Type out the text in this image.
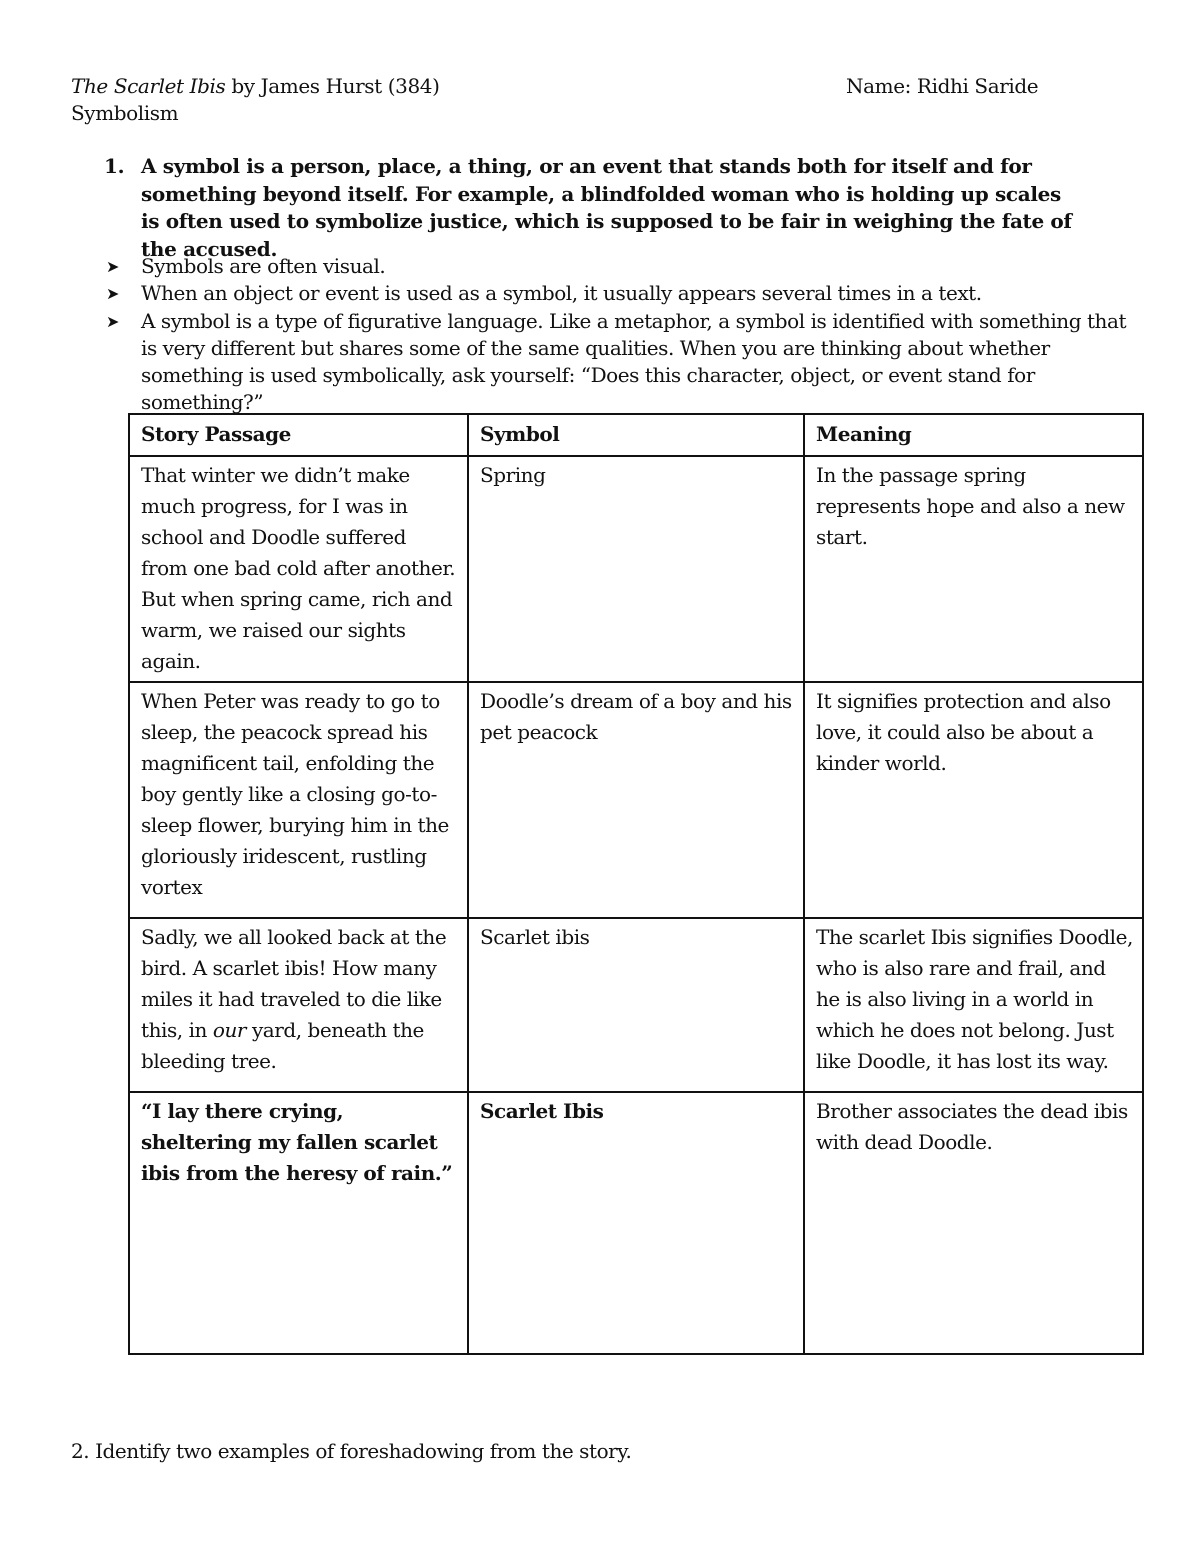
The Scarlet Ibis by James Hurst (384)	Name: Ridhi Saride
Symbolism
1. A symbol is a person, place, a thing, or an event that stands both for itself and for something beyond itself. For example, a blindfolded woman who is holding up scales is often used to symbolize justice, which is supposed to be fair in weighing the fate of the accused.
➤ Symbols are often visual.
➤ When an object or event is used as a symbol, it usually appears several times in a text.
➤ A symbol is a type of figurative language. Like a metaphor, a symbol is identified with something that is very different but shares some of the same qualities. When you are thinking about whether something is used symbolically, ask yourself: “Does this character, object, or event stand for something?”
Story Passage	Symbol	Meaning
That winter we didn’t make much progress, for I was in school and Doodle suffered from one bad cold after another. But when spring came, rich and warm, we raised our sights again.	Spring	In the passage spring represents hope and also a new start.
When Peter was ready to go to sleep, the peacock spread his magnificent tail, enfolding the boy gently like a closing go-to-sleep flower, burying him in the gloriously iridescent, rustling vortex	Doodle’s dream of a boy and his pet peacock	It signifies protection and also love, it could also be about a kinder world.
Sadly, we all looked back at the bird. A scarlet ibis! How many miles it had traveled to die like this, in our yard, beneath the bleeding tree.	Scarlet ibis	The scarlet Ibis signifies Doodle, who is also rare and frail, and he is also living in a world in which he does not belong. Just like Doodle, it has lost its way.
“I lay there crying, sheltering my fallen scarlet ibis from the heresy of rain.”	Scarlet Ibis	Brother associates the dead ibis with dead Doodle.
2. Identify two examples of foreshadowing from the story.
